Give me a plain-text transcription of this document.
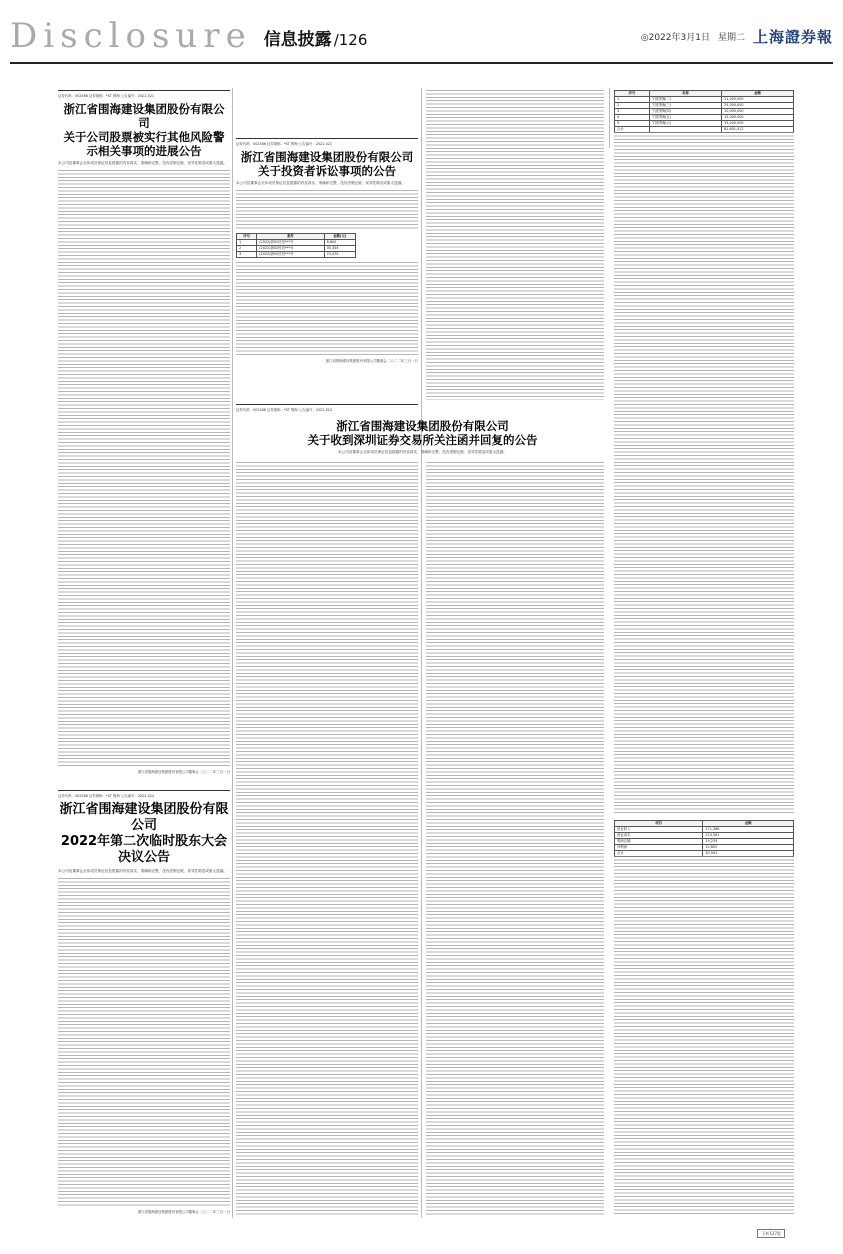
Disclosure 信息披露 /126	◎2022年3月1日 星期二 上海證券報
证券代码：002586 证券简称：*ST 围海 公告编号：2022-021
浙江省围海建设集团股份有限公司
关于公司股票被实行其他风险警示相关事项的进展公告
本公司及董事会全体成员保证信息披露的内容真实、准确和完整，没有虚假记载、误导性陈述或重大遗漏。
浙江省围海建设集团股份有限公司董事会 二○二二年三月一日
证券代码：002586 证券简称：*ST 围海 公告编号：2022-024
浙江省围海建设集团股份有限公司
2022年第二次临时股东大会决议公告
本公司及董事会全体成员保证信息披露的内容真实、准确和完整，没有虚假记载、误导性陈述或重大遗漏。
浙江省围海建设集团股份有限公司董事会 二○二二年三月一日
证券代码：002586 证券简称：*ST 围海 公告编号：2022-022
浙江省围海建设集团股份有限公司
关于投资者诉讼事项的公告
本公司及董事会全体成员保证信息披露的内容真实、准确和完整，没有虚假记载、误导性陈述或重大遗漏。
序号	案件	金额(元)
1	(2022)浙02民初***号	8,600
2	(2022)浙02民初***号	35,304
3	(2022)浙02民初***号	23,470
浙江省围海建设集团股份有限公司董事会 二○二二年三月一日
证券代码：002586 证券简称：*ST 围海 公告编号：2022-023
浙江省围海建设集团股份有限公司
关于收到深圳证券交易所关注函并回复的公告
本公司及董事会全体成员保证信息披露的内容真实、准确和完整，没有虚假记载、误导性陈述或重大遗漏。
序号	名称	金额
1	宁波围海(二)	21,000,000
2	宁波围海(三)	25,000,000
3	宁波围海(四)	10,000,000
4	宁波围海(五)	15,000,000
5	宁波围海(六)	33,000,000
合计		81,601,412
项目	金额
营业收入	271,388
营业成本	214,561
利润总额	19,235
净利润	15,802
合计	20,941
下转127版
